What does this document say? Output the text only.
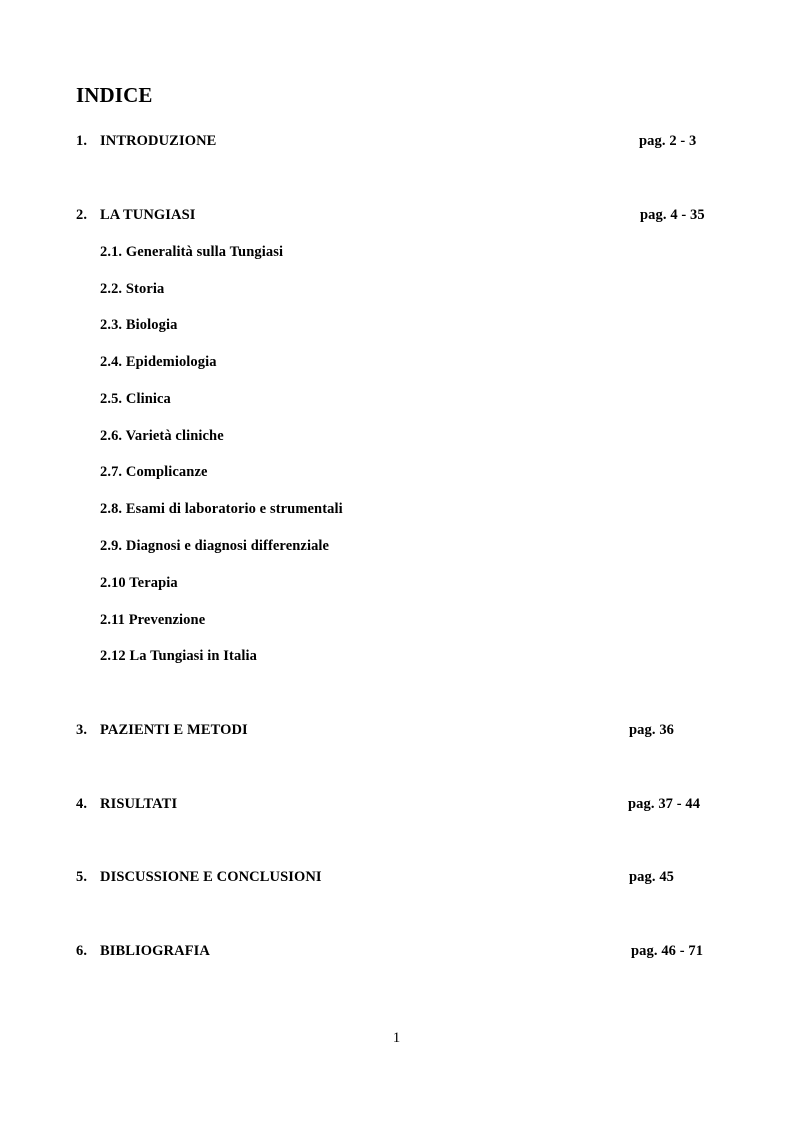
INDICE
1. INTRODUZIONE	pag. 2 - 3
2. LA TUNGIASI	pag. 4 - 35
2.1. Generalità sulla Tungiasi
2.2. Storia
2.3. Biologia
2.4. Epidemiologia
2.5. Clinica
2.6. Varietà cliniche
2.7. Complicanze
2.8. Esami di laboratorio e strumentali
2.9. Diagnosi e diagnosi differenziale
2.10 Terapia
2.11 Prevenzione
2.12 La Tungiasi in Italia
3. PAZIENTI E METODI	pag. 36
4. RISULTATI	pag. 37 - 44
5. DISCUSSIONE E CONCLUSIONI	pag. 45
6. BIBLIOGRAFIA	pag. 46 - 71
1
